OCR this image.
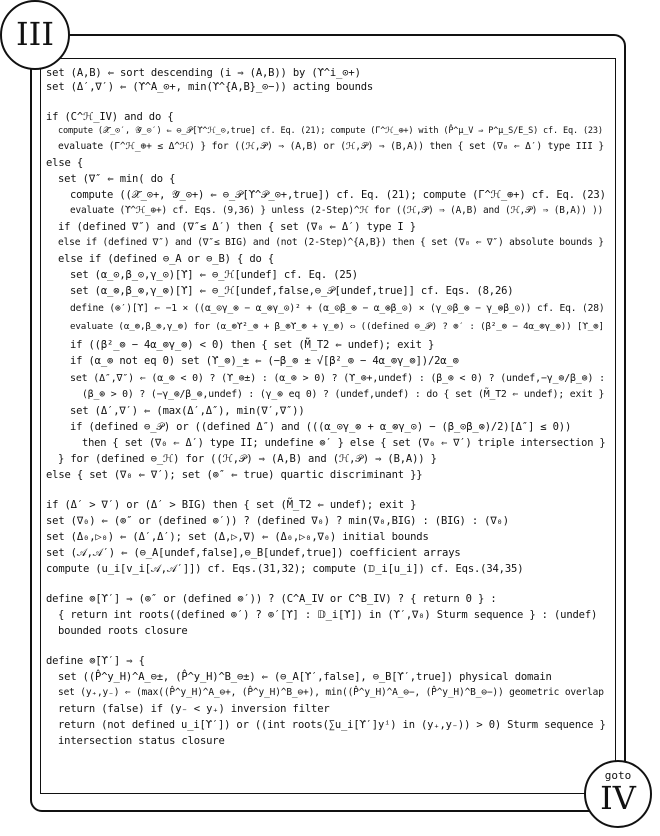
set (A,B) ⇐ sort descending (i ⇒ (A,B)) by (ϒ^i_⊙+)
set (Δ′,∇′) ⇐ (ϒ^A_⊙+, min(ϒ^{A,B}_⊙−)) acting bounds
if (C^ℋ_IV) and do {
compute (𝒳̂_⊙′, 𝒴̂_⊙′) ⇐ ⊖_𝒫[ϒ^ℋ_⊙,true] cf. Eq. (21); compute (Γ^ℋ_⊕+) with (P̂^μ_V ⇒ P^μ_S/E_S) cf. Eq. (23)
evaluate (Γ^ℋ_⊕+ ≤ Δ^ℋ) } for ((ℋ,𝒫) ⇒ (A,B) or (ℋ,𝒫) ⇒ (B,A)) then { set (∇₀ ⇐ Δ′) type III }
else {
set (∇″ ⇐ min( do {
compute ((𝒳̂_⊙+, 𝒴̂_⊙+) ⇐ ⊖_𝒫[ϒ^𝒫_⊙+,true]) cf. Eq. (21); compute (Γ^ℋ_⊕+) cf. Eq. (23)
evaluate (ϒ^ℋ_⊕+) cf. Eqs. (9,36) } unless (2-Step)^ℋ for ((ℋ,𝒫) ⇒ (A,B) and (ℋ,𝒫) ⇒ (B,A)) ))
if (defined ∇″) and (∇″≤ Δ′) then { set (∇₀ ⇐ Δ′) type I }
else if (defined ∇″) and (∇″≤ BIG) and (not (2-Step)^{A,B}) then { set (∇₀ ⇐ ∇″) absolute bounds }
else if (defined ⊖_A or ⊖_B) { do {
set (α_⊙,β_⊙,γ_⊙)[ϒ] ⇐ ⊖_ℋ[undef] cf. Eq. (25)
set (α_⊗,β_⊗,γ_⊗)[ϒ] ⇐ ⊖_ℋ[undef,false,⊖_𝒫[undef,true]] cf. Eqs. (8,26)
define (⊚′)[ϒ] ⇐ −1 × ((α_⊙γ_⊗ − α_⊗γ_⊙)² + (α_⊙β_⊗ − α_⊗β_⊙) × (γ_⊙β_⊗ − γ_⊗β_⊙)) cf. Eq. (28)
evaluate (α_⊚,β_⊚,γ_⊚) for (α_⊚ϒ²_⊚ + β_⊚ϒ_⊚ + γ_⊚) ⇔ ((defined ⊖_𝒫) ? ⊚′ : (β²_⊗ − 4α_⊗γ_⊗)) [ϒ_⊚]
if ((β²_⊚ − 4α_⊚γ_⊚) < 0) then { set (M̃_T2 ⇐ undef); exit }
if (α_⊚ not eq 0) set (ϒ_⊚)_± ⇐ (−β_⊚ ± √[β²_⊚ − 4α_⊚γ_⊚])/2α_⊚
set (Δ″,∇″) ⇐ (α_⊚ < 0) ? (ϒ_⊚±) : (α_⊚ > 0) ? (ϒ_⊚+,undef) : (β_⊚ < 0) ? (undef,−γ_⊚/β_⊚) :
(β_⊚ > 0) ? (−γ_⊚/β_⊚,undef) : (γ_⊚ eq 0) ? (undef,undef) : do { set (M̃_T2 ⇐ undef); exit }
set (Δ′,∇′) ⇐ (max(Δ′,Δ″), min(∇′,∇″))
if (defined ⊖_𝒫) or ((defined Δ″) and (((α_⊙γ_⊗ + α_⊗γ_⊙) − (β_⊙β_⊗)/2)[Δ″] ≤ 0))
then { set (∇₀ ⇐ Δ′) type II; undefine ⊚′ } else { set (∇₀ ⇐ ∇′) triple intersection }
} for (defined ⊖_ℋ) for ((ℋ,𝒫) ⇒ (A,B) and (ℋ,𝒫) ⇒ (B,A)) }
else { set (∇₀ ⇐ ∇′); set (⊚″ ⇐ true) quartic discriminant }}
if (Δ′ > ∇′) or (Δ′ > BIG) then { set (M̃_T2 ⇐ undef); exit }
set (∇₀) ⇐ (⊚″ or (defined ⊚′)) ? (defined ∇₀) ? min(∇₀,BIG) : (BIG) : (∇₀)
set (Δ₀,▷₀) ⇐ (Δ′,Δ′); set (Δ,▷,∇) ⇐ (Δ₀,▷₀,∇₀) initial bounds
set (𝒜,𝒜′) ⇐ (⊖_A[undef,false],⊖_B[undef,true]) coefficient arrays
compute (u_i[v_i[𝒜,𝒜′]]) cf. Eqs.(31,32); compute (𝔻_i[u_i]) cf. Eqs.(34,35)
define ⊚[ϒ′] ⇒ (⊚″ or (defined ⊚′)) ? (C^A_IV or C^B_IV) ? { return 0 } :
{ return int roots((defined ⊚′) ? ⊚′[ϒ] : 𝔻_i[ϒ]) in (ϒ′,∇₀) Sturm sequence } : (undef)
bounded roots closure
define ⊚̄[ϒ′] ⇒ {
set ((P̂^y_H)^A_⊖±, (P̂^y_H)^B_⊖±) ⇐ (⊖_A[ϒ′,false], ⊖_B[ϒ′,true]) physical domain
set (y₊,y₋) ⇐ (max((P̂^y_H)^A_⊖+, (P̂^y_H)^B_⊖+), min((P̂^y_H)^A_⊖−, (P̂^y_H)^B_⊖−)) geometric overlap
return (false) if (y₋ < y₊) inversion filter
return (not defined u_i[ϒ′]) or ((int roots(∑u_i[ϒ′]yⁱ) in (y₊,y₋)) > 0) Sturm sequence }
intersection status closure
III
goto
IV
